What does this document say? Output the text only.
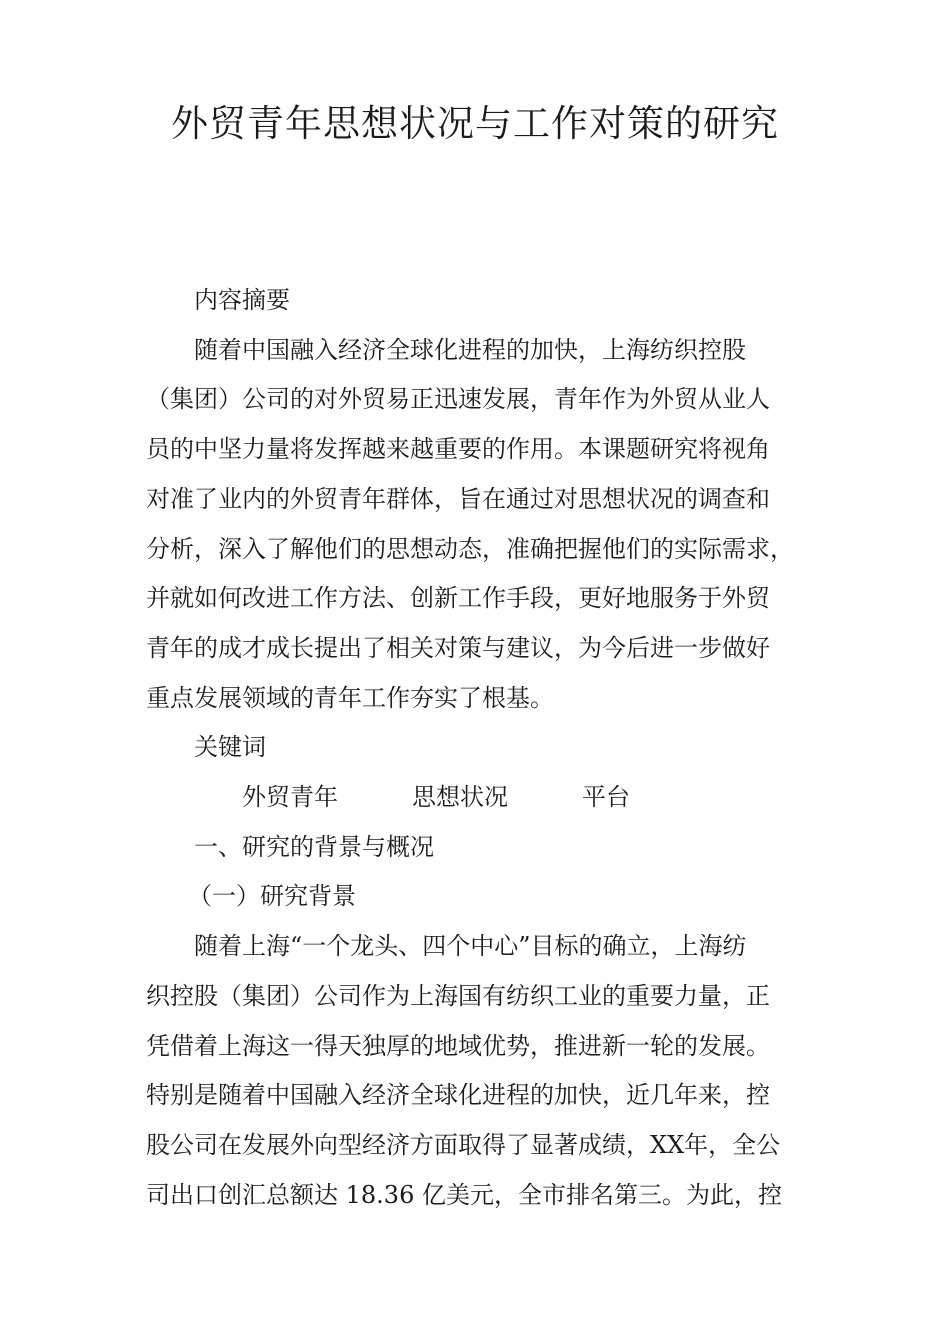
外贸青年思想状况与工作对策的研究

内容摘要

随着中国融入经济全球化进程的加快，上海纺织控股

（集团）公司的对外贸易正迅速发展，青年作为外贸从业人

员的中坚力量将发挥越来越重要的作用。本课题研究将视角

对准了业内的外贸青年群体，旨在通过对思想状况的调查和

分析，深入了解他们的思想动态，准确把握他们的实际需求，

并就如何改进工作方法、创新工作手段，更好地服务于外贸

青年的成才成长提出了相关对策与建议，为今后进一步做好

重点发展领域的青年工作夯实了根基。

关键词

外贸青年	思想状况	平台

一、研究的背景与概况

（一）研究背景

随着上海“一个龙头、四个中心”目标的确立，上海纺

织控股（集团）公司作为上海国有纺织工业的重要力量，正

凭借着上海这一得天独厚的地域优势，推进新一轮的发展。

特别是随着中国融入经济全球化进程的加快，近几年来，控

股公司在发展外向型经济方面取得了显著成绩，XX年，全公

司出口创汇总额达 18.36 亿美元，全市排名第三。为此，控
